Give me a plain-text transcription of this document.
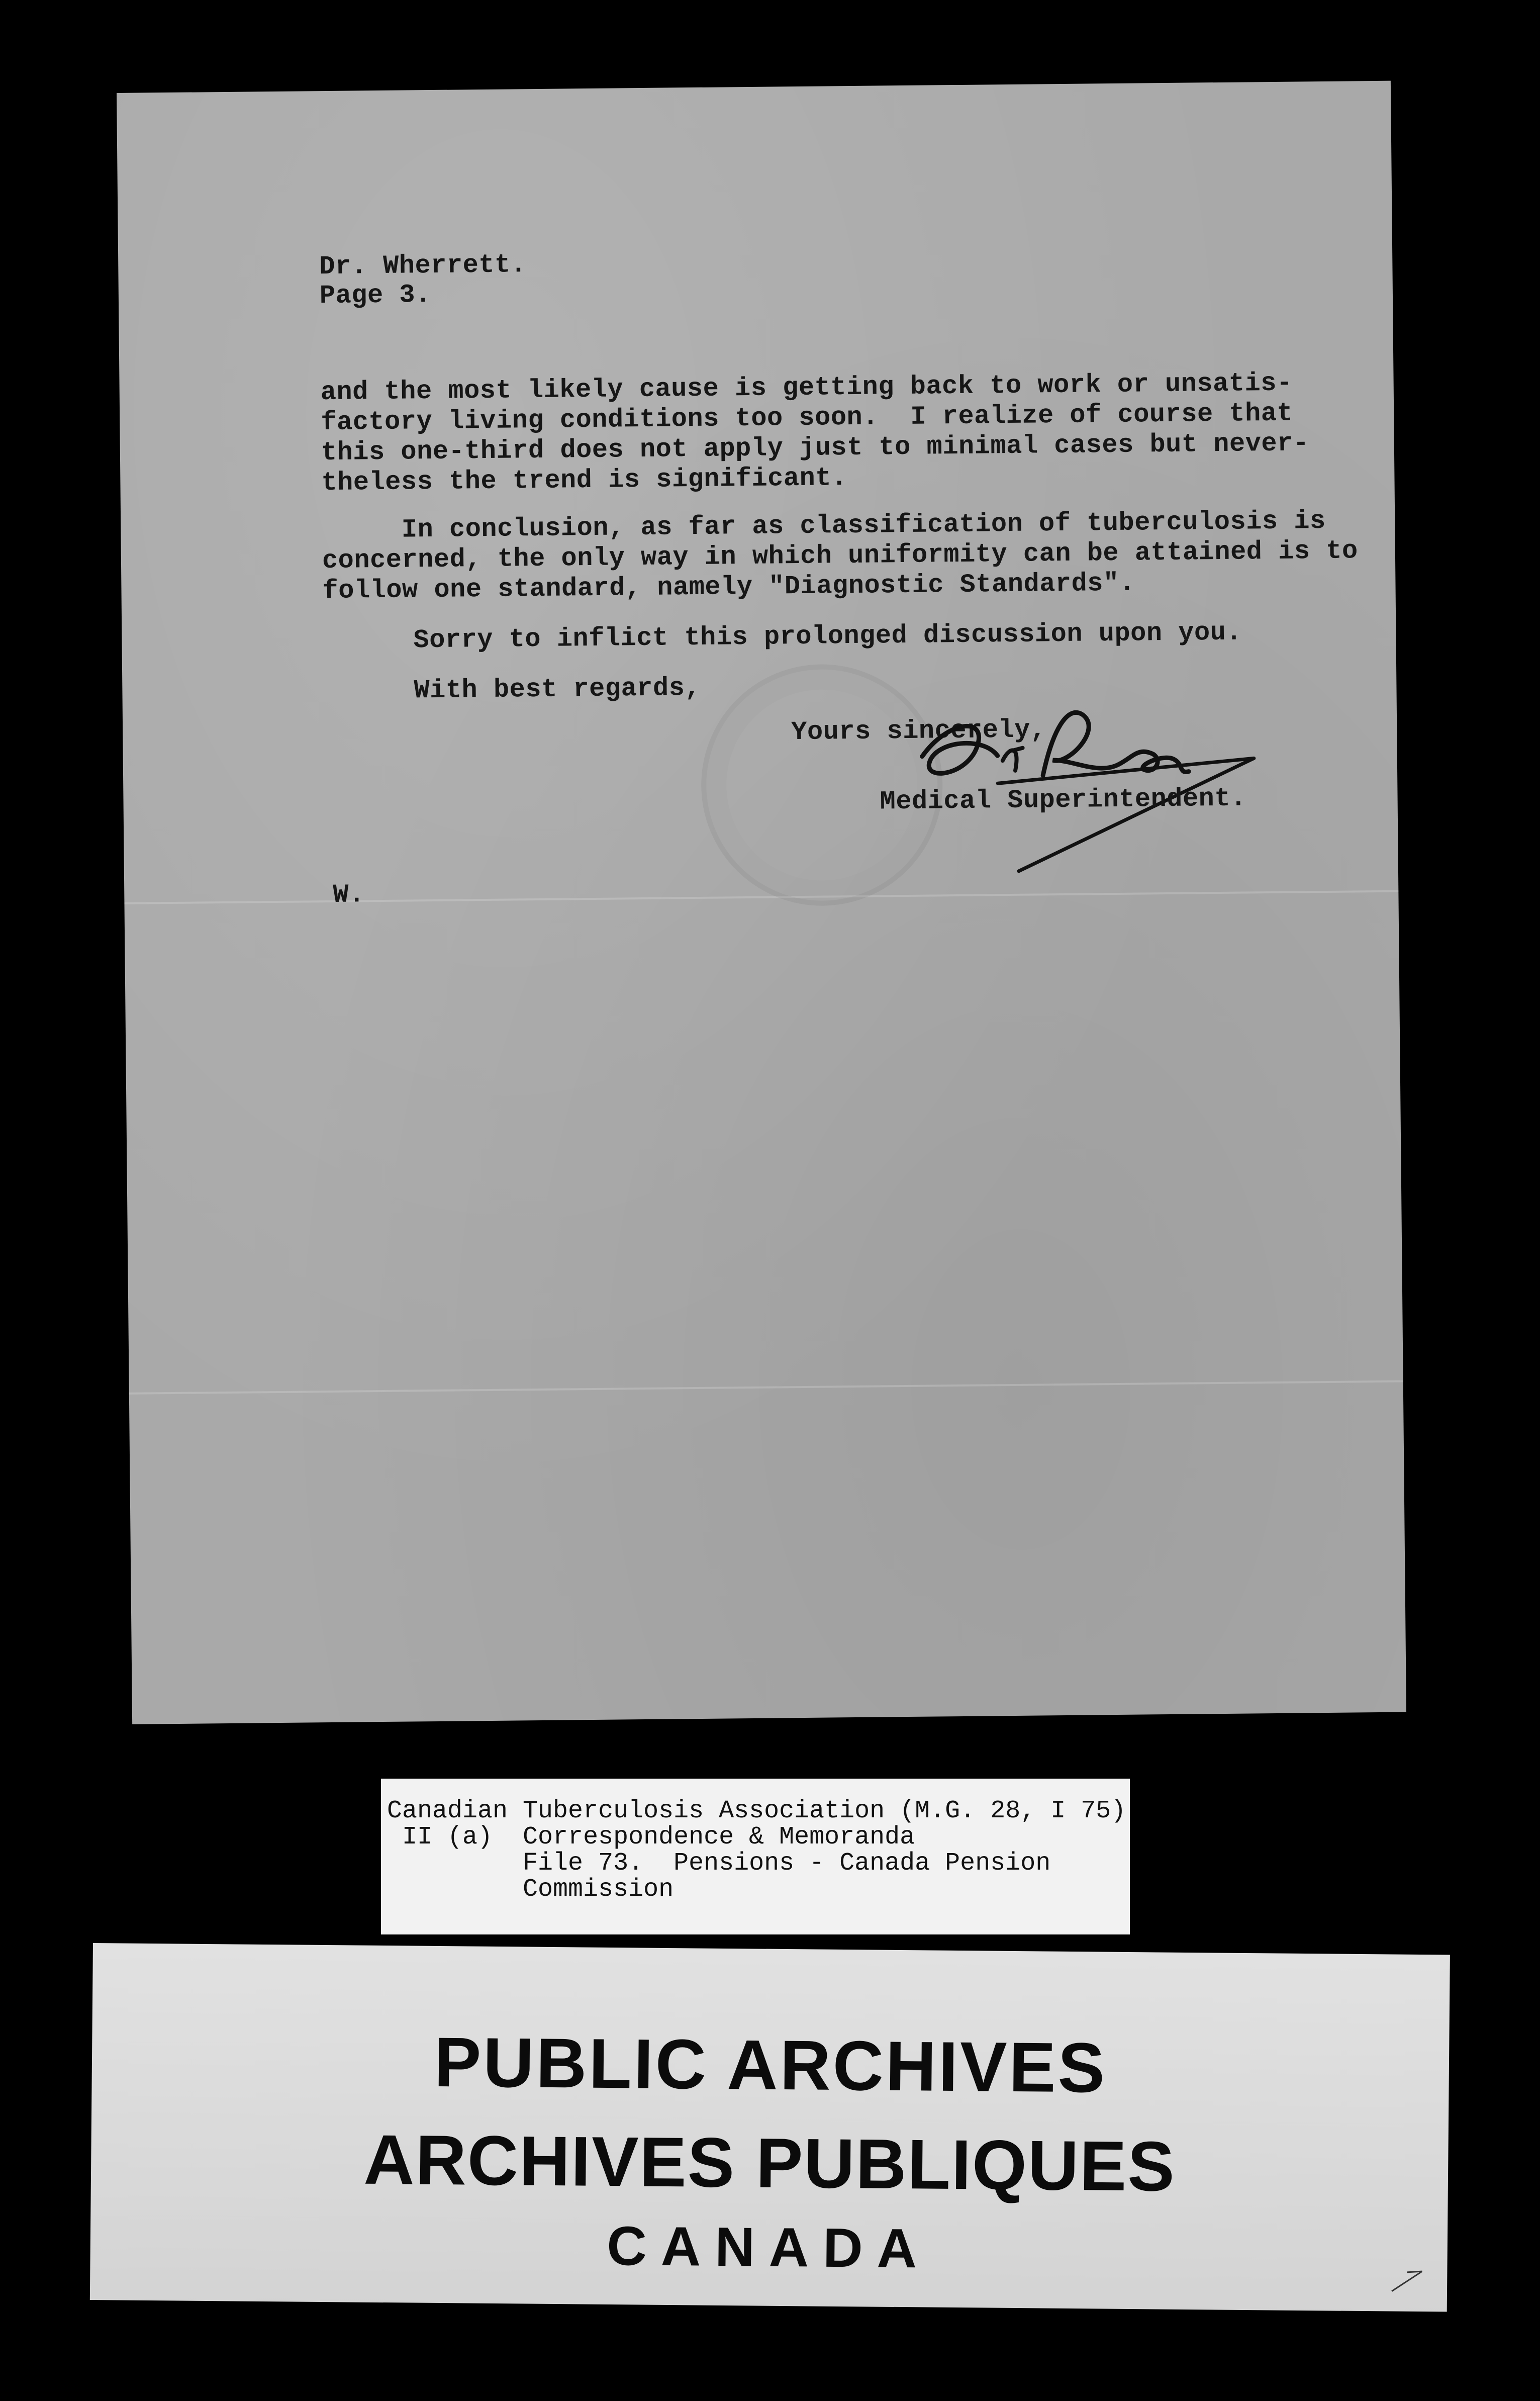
Dr. Wherrett.
Page 3.
and the most likely cause is getting back to work or unsatis-
factory living conditions too soon.  I realize of course that
this one-third does not apply just to minimal cases but never-
theless the trend is significant.
In conclusion, as far as classification of tuberculosis is
concerned, the only way in which uniformity can be attained is to
follow one standard, namely "Diagnostic Standards".
Sorry to inflict this prolonged discussion upon you.
With best regards,
Yours sincerely,
Medical Superintendent.
W.
Canadian Tuberculosis Association (M.G. 28, I 75)
II (a)  Correspondence & Memoranda
File 73.  Pensions - Canada Pension
Commission
PUBLIC ARCHIVES
ARCHIVES PUBLIQUES
CANADA
